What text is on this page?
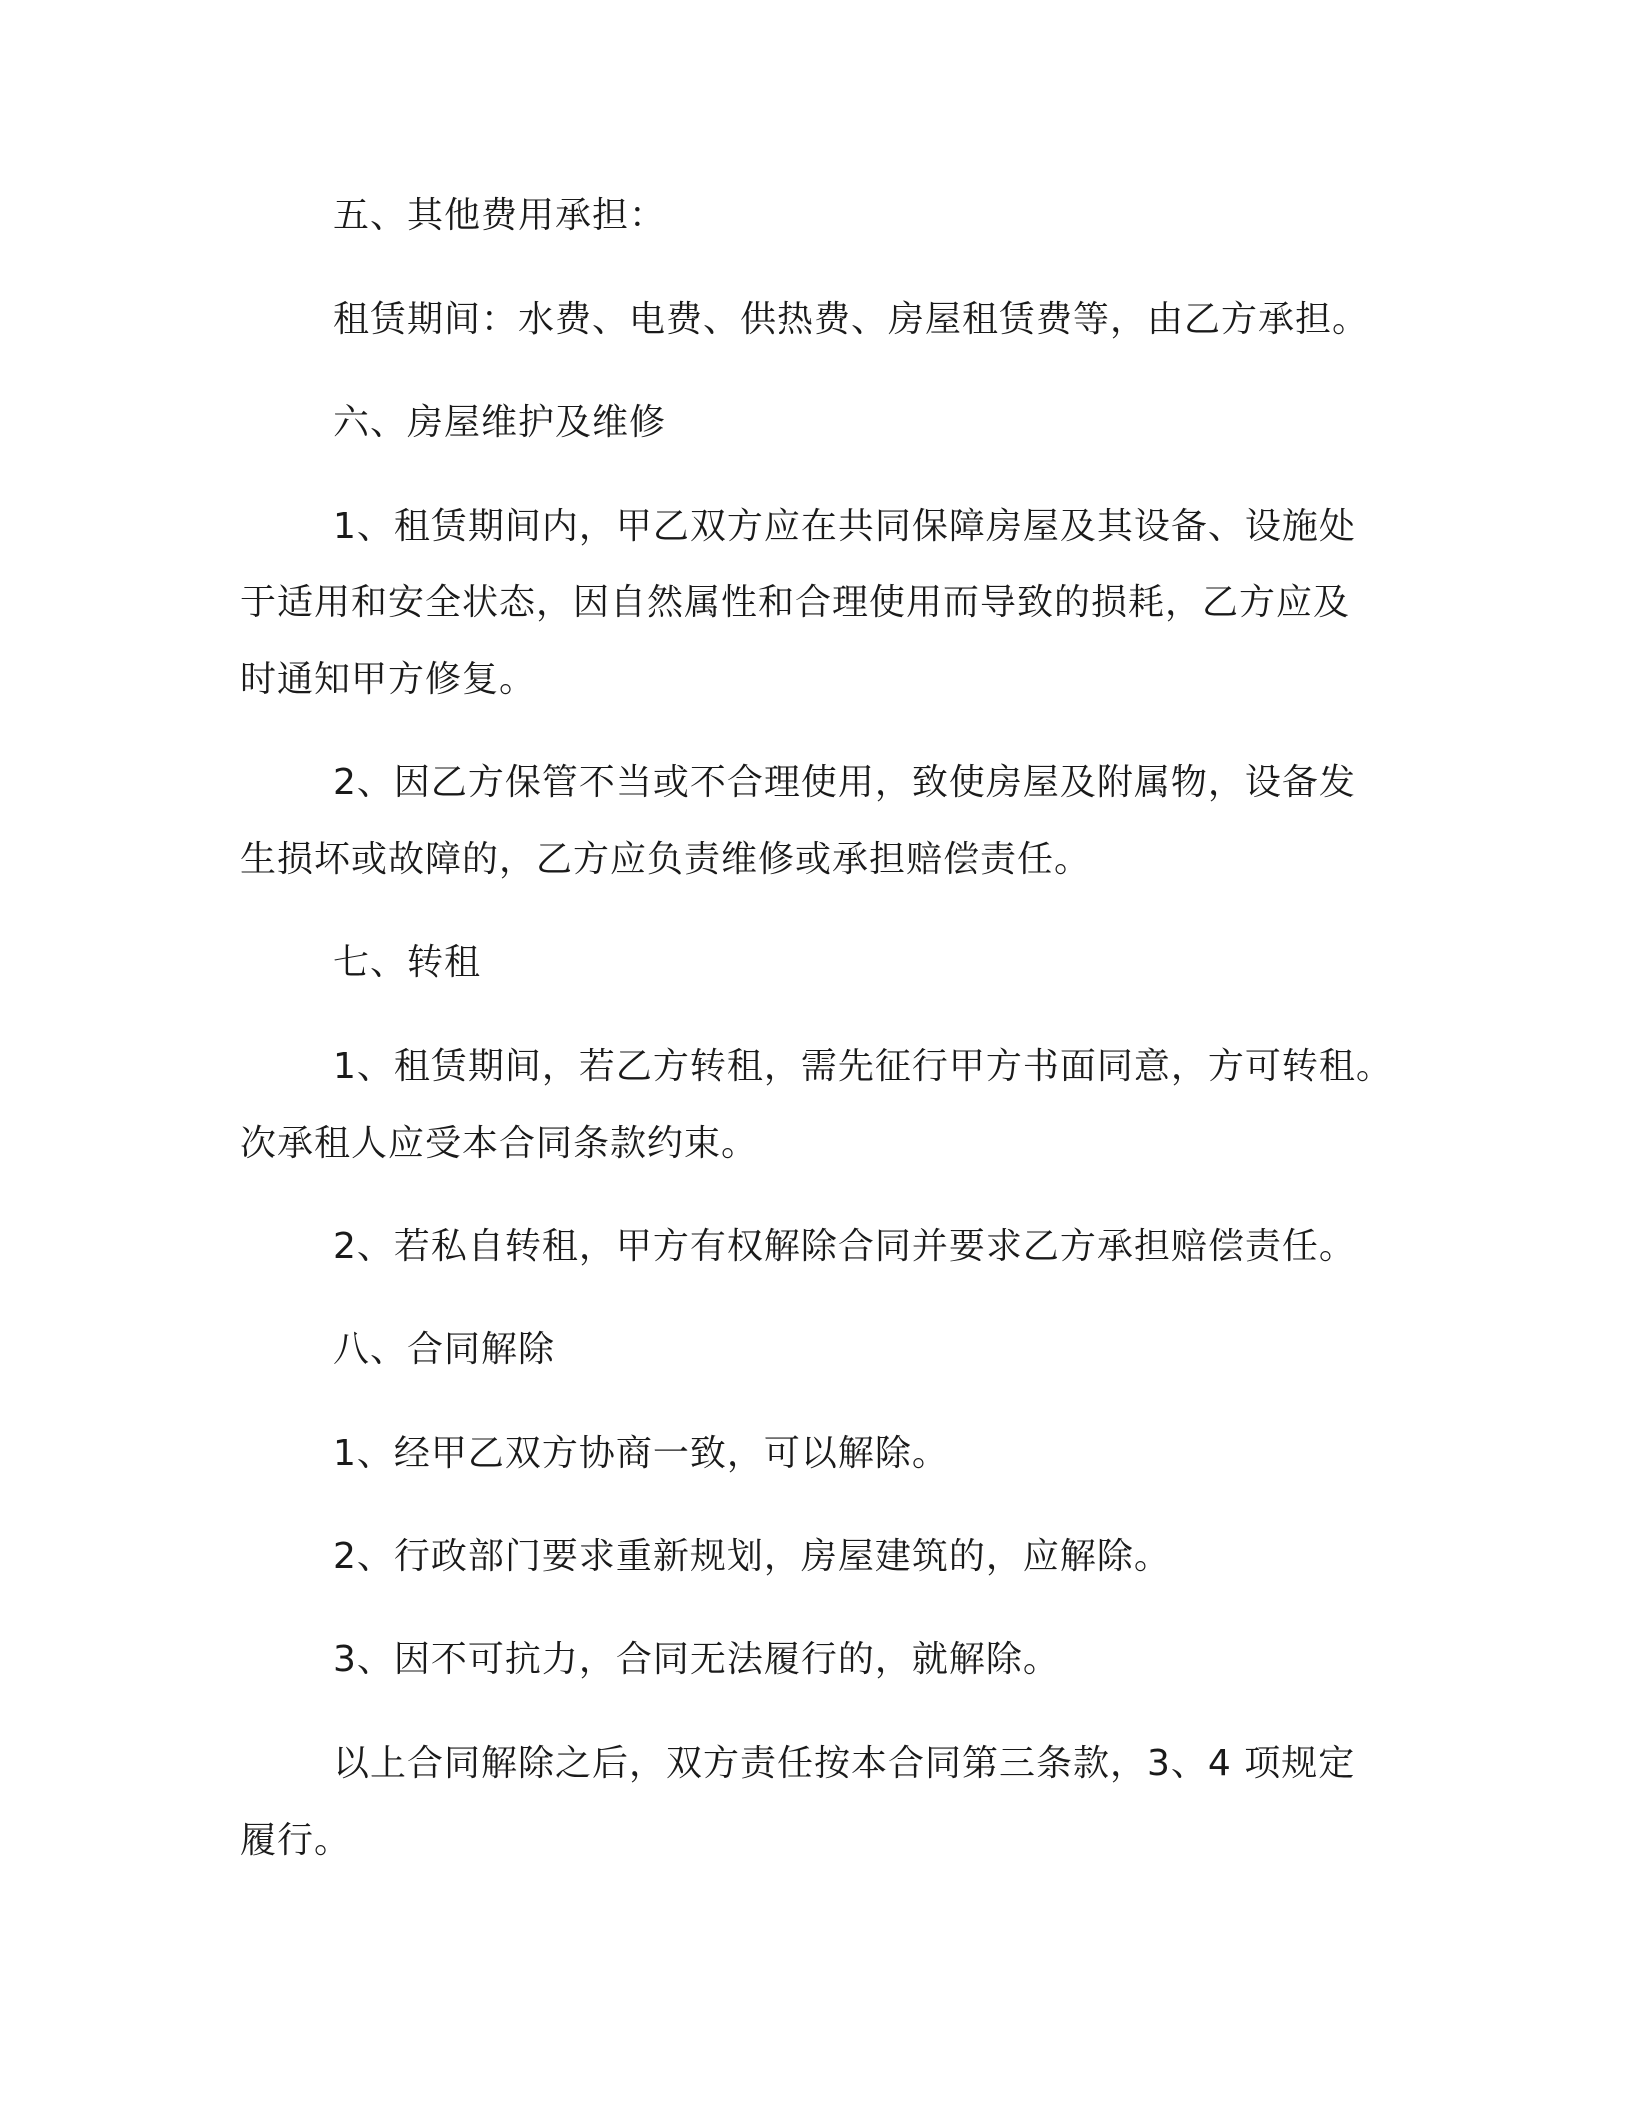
五、其他费用承担：
租赁期间：水费、电费、供热费、房屋租赁费等，由乙方承担。
六、房屋维护及维修
1、租赁期间内，甲乙双方应在共同保障房屋及其设备、设施处
于适用和安全状态，因自然属性和合理使用而导致的损耗，乙方应及
时通知甲方修复。
2、因乙方保管不当或不合理使用，致使房屋及附属物，设备发
生损坏或故障的，乙方应负责维修或承担赔偿责任。
七、转租
1、租赁期间，若乙方转租，需先征行甲方书面同意，方可转租。
次承租人应受本合同条款约束。
2、若私自转租，甲方有权解除合同并要求乙方承担赔偿责任。
八、合同解除
1、经甲乙双方协商一致，可以解除。
2、行政部门要求重新规划，房屋建筑的，应解除。
3、因不可抗力，合同无法履行的，就解除。
以上合同解除之后，双方责任按本合同第三条款，3、4 项规定
履行。
